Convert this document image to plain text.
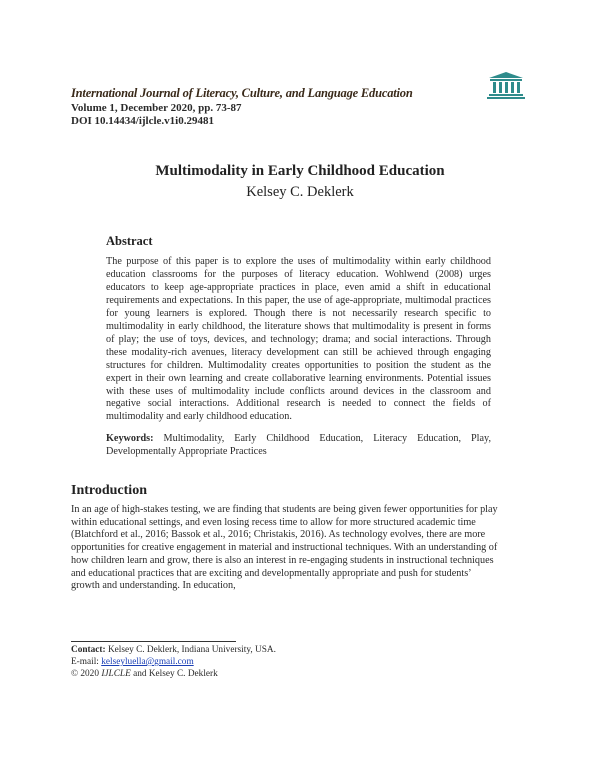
International Journal of Literacy, Culture, and Language Education
Volume 1, December 2020, pp. 73-87
DOI 10.14434/ijlcle.v1i0.29481
Multimodality in Early Childhood Education
Kelsey C. Deklerk
Abstract

The purpose of this paper is to explore the uses of multimodality within early childhood education classrooms for the purposes of literacy education. Wohlwend (2008) urges educators to keep age-appropriate practices in place, even amid a shift in educational requirements and expectations. In this paper, the use of age-appropriate, multimodal practices for young learners is explored. Though there is not necessarily research specific to multimodality in early childhood, the literature shows that multimodality is present in forms of play; the use of toys, devices, and technology; drama; and social interactions. Through these modality-rich avenues, literacy development can still be achieved through engaging structures for children. Multimodality creates opportunities to position the student as the expert in their own learning and create collaborative learning environments. Potential issues with these uses of multimodality include conflicts around devices in the classroom and negative social interactions. Additional research is needed to connect the fields of multimodality and early childhood education.

Keywords: Multimodality, Early Childhood Education, Literacy Education, Play, Developmentally Appropriate Practices

Introduction

In an age of high-stakes testing, we are finding that students are being given fewer opportunities for play within educational settings, and even losing recess time to allow for more structured academic time (Blatchford et al., 2016; Bassok et al., 2016; Christakis, 2016). As technology evolves, there are more opportunities for creative engagement in material and instructional techniques. With an understanding of how children learn and grow, there is also an interest in re-engaging students in instructional techniques and educational practices that are exciting and developmentally appropriate and push for students’ growth and understanding. In education,

Contact: Kelsey C. Deklerk, Indiana University, USA.
E-mail: kelseyluella@gmail.com
© 2020 IJLCLE and Kelsey C. Deklerk
